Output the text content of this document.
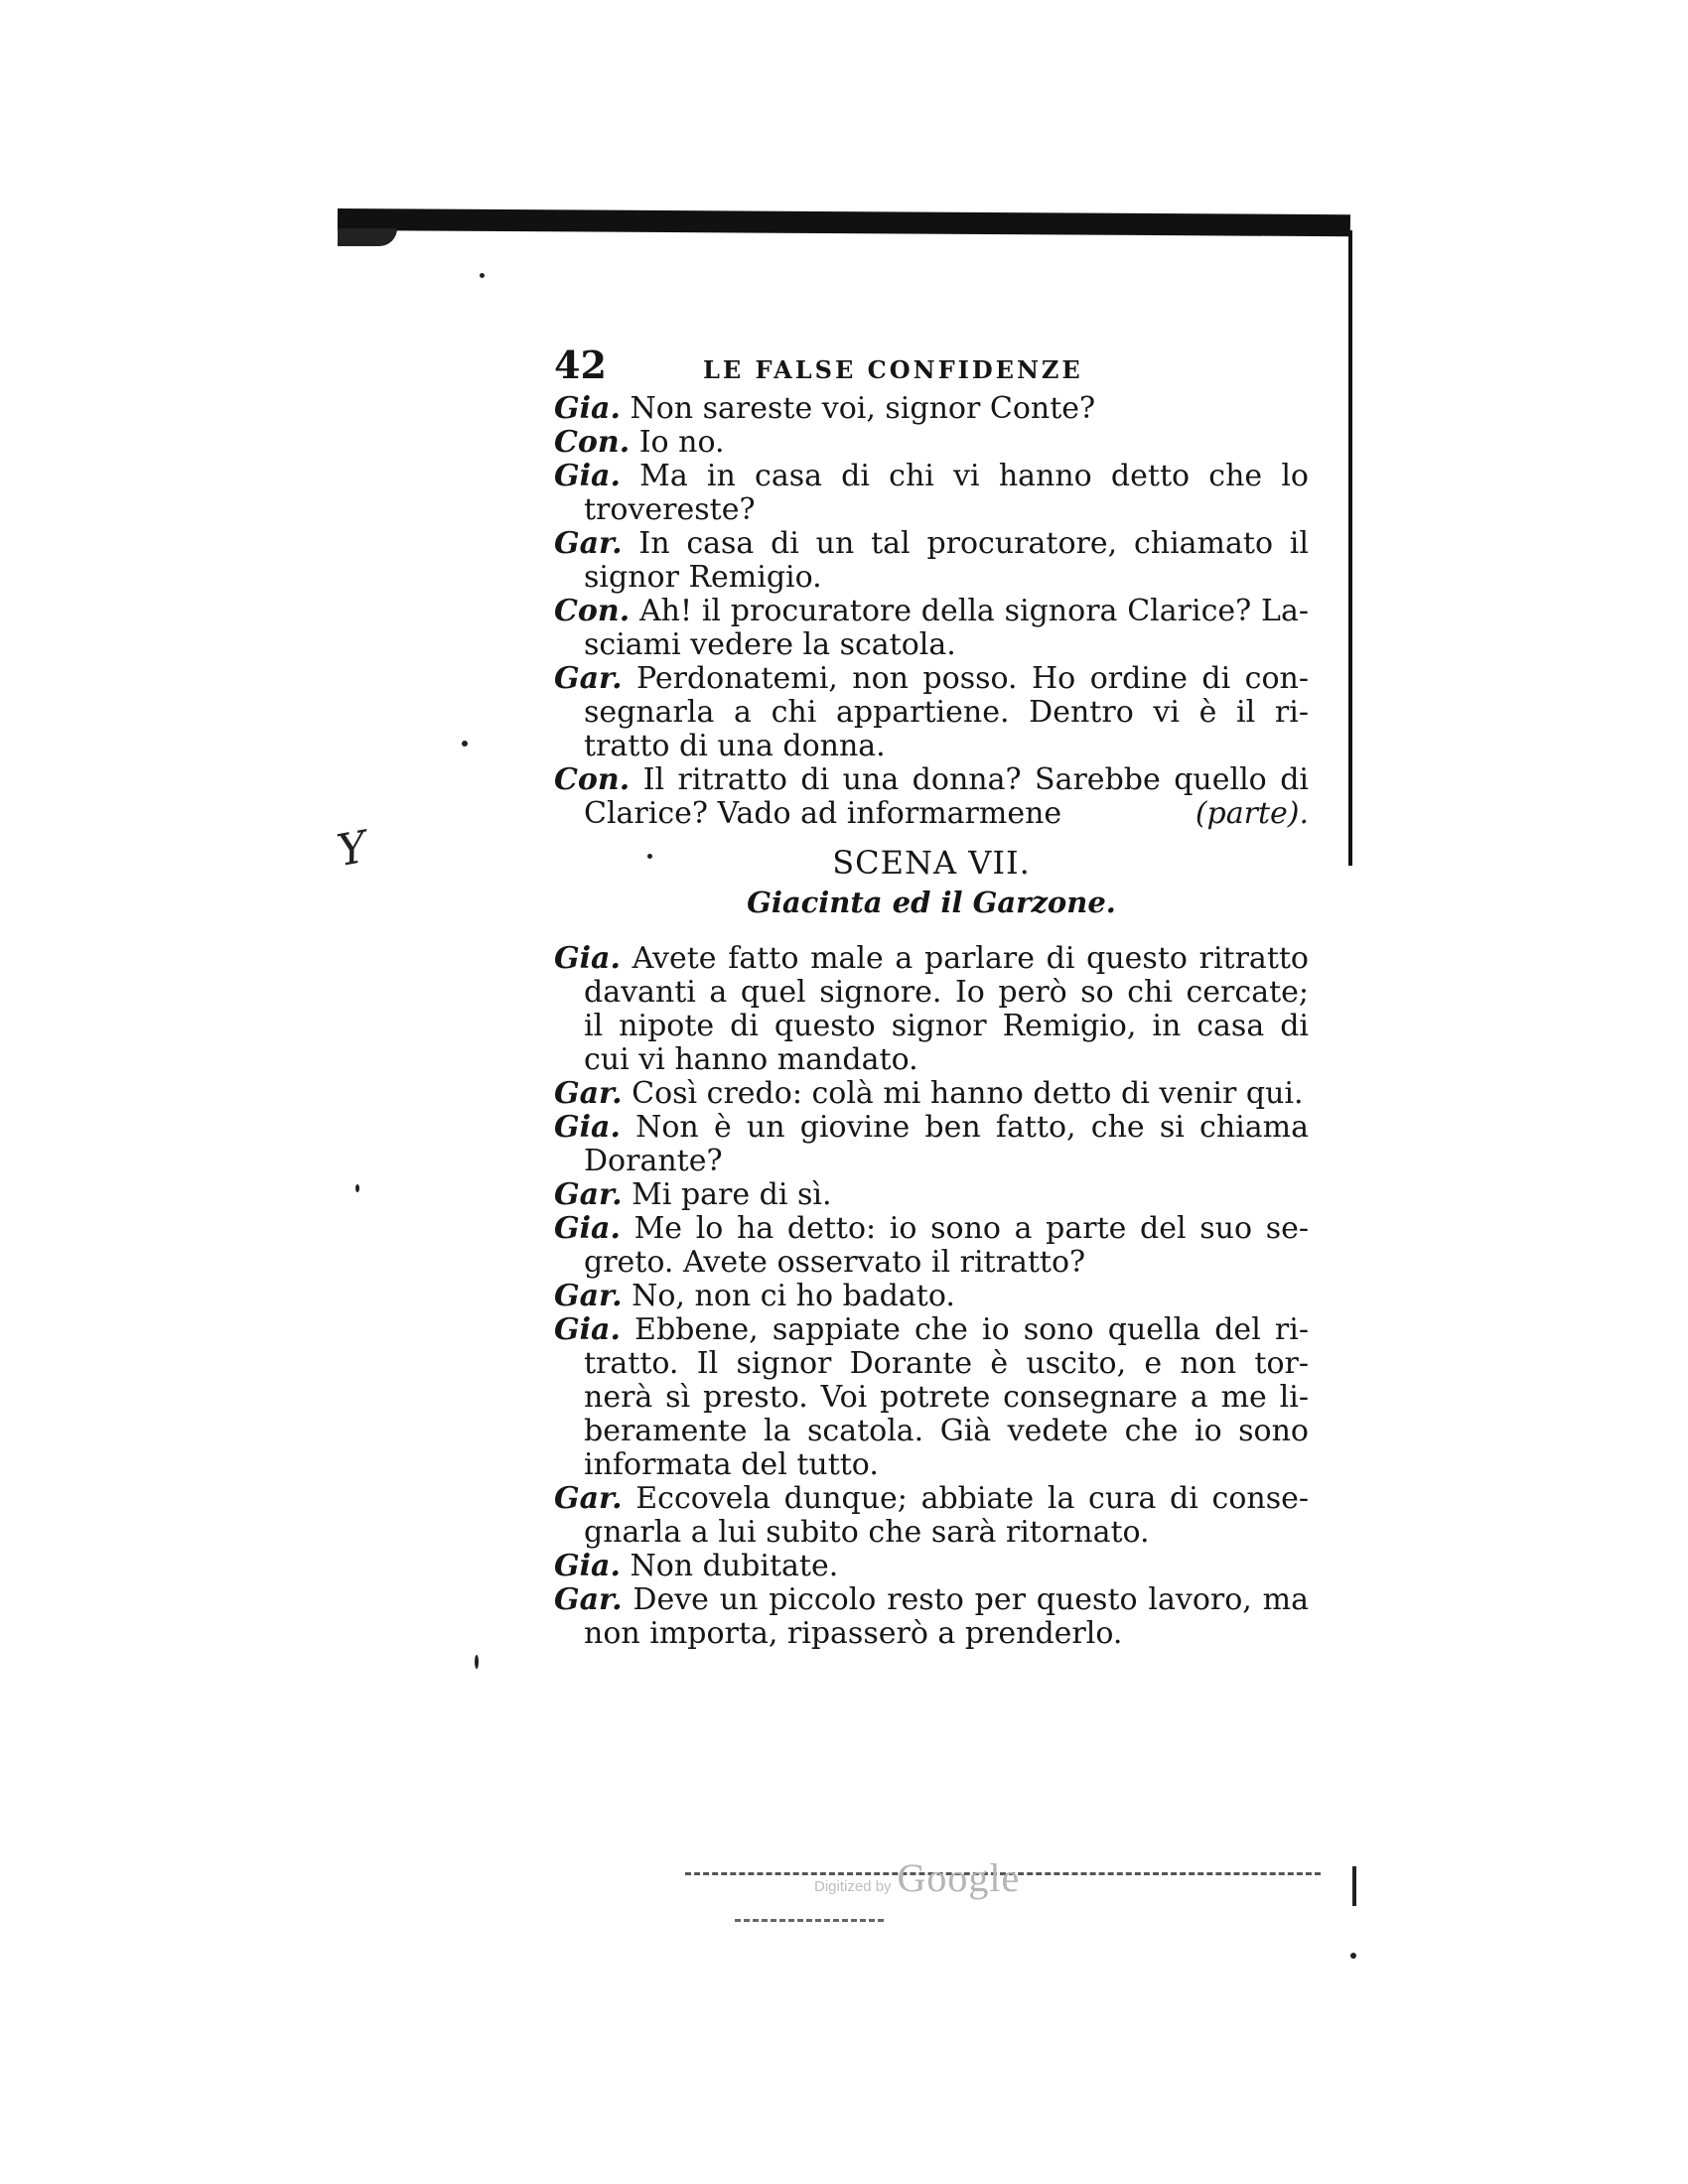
Y
42	LE FALSE CONFIDENZE
Gia. Non sareste voi, signor Conte?
Con. Io no.
Gia. Ma in casa di chi vi hanno detto che lo
trovereste?
Gar. In casa di un tal procuratore, chiamato il
signor Remigio.
Con. Ah! il procuratore della signora Clarice? La-
sciami vedere la scatola.
Gar. Perdonatemi, non posso. Ho ordine di con-
segnarla a chi appartiene. Dentro vi è il ri-
tratto di una donna.
Con. Il ritratto di una donna? Sarebbe quello di
Clarice? Vado ad informarmene	(parte).
SCENA VII.
Giacinta ed il Garzone.
Gia. Avete fatto male a parlare di questo ritratto
davanti a quel signore. Io però so chi cercate;
il nipote di questo signor Remigio, in casa di
cui vi hanno mandato.
Gar. Così credo: colà mi hanno detto di venir qui.
Gia. Non è un giovine ben fatto, che si chiama
Dorante?
Gar. Mi pare di sì.
Gia. Me lo ha detto: io sono a parte del suo se-
greto. Avete osservato il ritratto?
Gar. No, non ci ho badato.
Gia. Ebbene, sappiate che io sono quella del ri-
tratto. Il signor Dorante è uscito, e non tor-
nerà sì presto. Voi potrete consegnare a me li-
beramente la scatola. Già vedete che io sono
informata del tutto.
Gar. Eccovela dunque; abbiate la cura di conse-
gnarla a lui subito che sarà ritornato.
Gia. Non dubitate.
Gar. Deve un piccolo resto per questo lavoro, ma
non importa, ripasserò a prenderlo.
Digitized by Google
